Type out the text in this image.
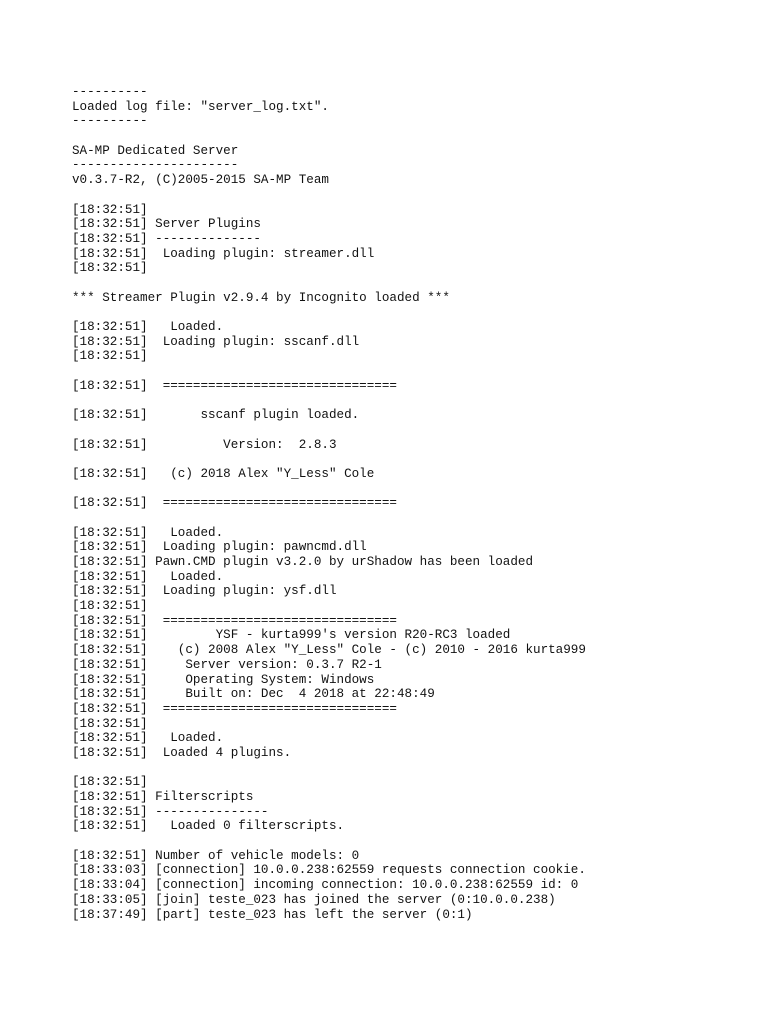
----------
Loaded log file: "server_log.txt".
----------
SA-MP Dedicated Server
----------------------
v0.3.7-R2, (C)2005-2015 SA-MP Team
[18:32:51]
[18:32:51] Server Plugins
[18:32:51] --------------
[18:32:51]  Loading plugin: streamer.dll
[18:32:51]
*** Streamer Plugin v2.9.4 by Incognito loaded ***
[18:32:51]   Loaded.
[18:32:51]  Loading plugin: sscanf.dll
[18:32:51]
[18:32:51]  ===============================
[18:32:51]       sscanf plugin loaded.
[18:32:51]          Version:  2.8.3
[18:32:51]   (c) 2018 Alex "Y_Less" Cole
[18:32:51]  ===============================
[18:32:51]   Loaded.
[18:32:51]  Loading plugin: pawncmd.dll
[18:32:51] Pawn.CMD plugin v3.2.0 by urShadow has been loaded
[18:32:51]   Loaded.
[18:32:51]  Loading plugin: ysf.dll
[18:32:51]
[18:32:51]  ===============================
[18:32:51]         YSF - kurta999's version R20-RC3 loaded
[18:32:51]    (c) 2008 Alex "Y_Less" Cole - (c) 2010 - 2016 kurta999
[18:32:51]     Server version: 0.3.7 R2-1
[18:32:51]     Operating System: Windows
[18:32:51]     Built on: Dec  4 2018 at 22:48:49
[18:32:51]  ===============================
[18:32:51]
[18:32:51]   Loaded.
[18:32:51]  Loaded 4 plugins.
[18:32:51]
[18:32:51] Filterscripts
[18:32:51] ---------------
[18:32:51]   Loaded 0 filterscripts.
[18:32:51] Number of vehicle models: 0
[18:33:03] [connection] 10.0.0.238:62559 requests connection cookie.
[18:33:04] [connection] incoming connection: 10.0.0.238:62559 id: 0
[18:33:05] [join] teste_023 has joined the server (0:10.0.0.238)
[18:37:49] [part] teste_023 has left the server (0:1)
